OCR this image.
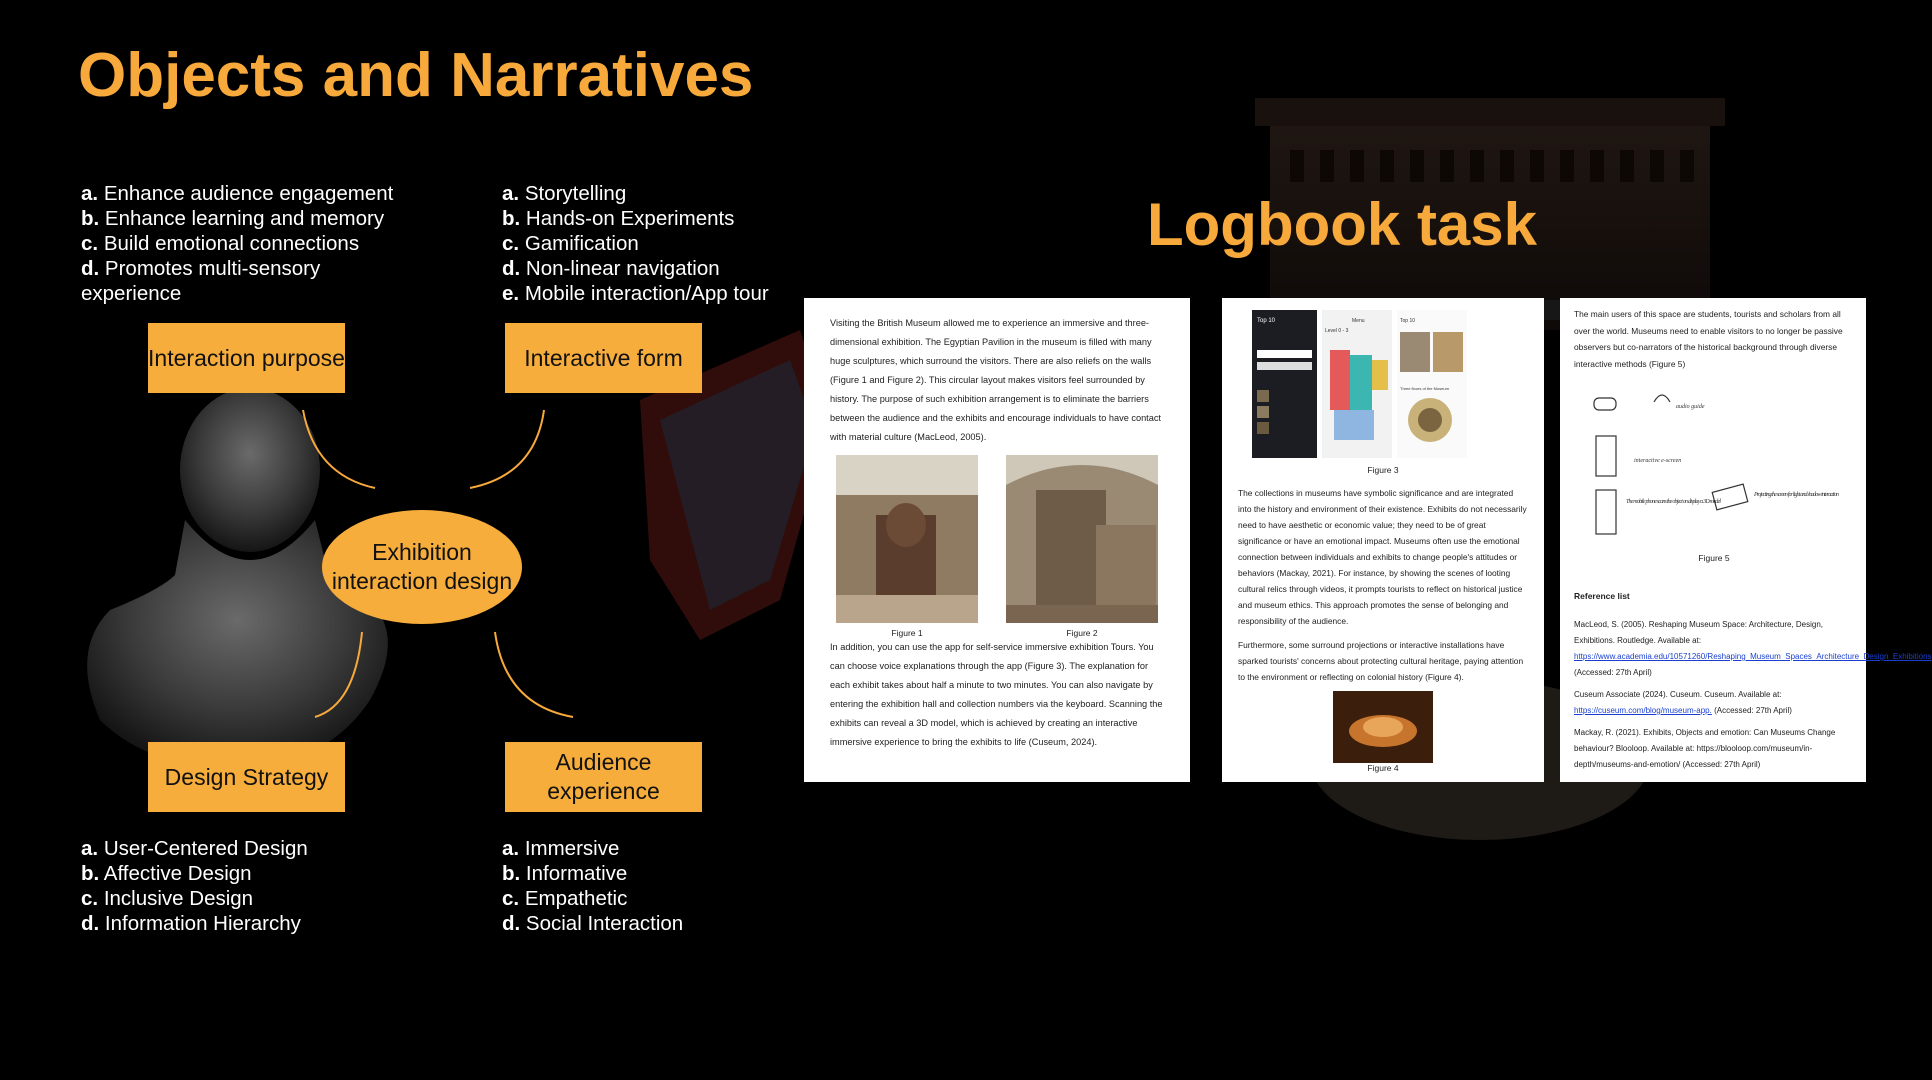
Objects and Narratives
a. Enhance audience engagement
b. Enhance learning and memory
c. Build emotional connections
d. Promotes multi-sensory experience
a. Storytelling
b. Hands-on Experiments
c. Gamification
d. Non-linear navigation
e. Mobile interaction/App tour
a. User-Centered Design
b. Affective Design
c. Inclusive Design
d. Information Hierarchy
a. Immersive
b. Informative
c. Empathetic
d. Social Interaction
Interaction purpose	Interactive form
Design Strategy
Audience experience
Exhibition interaction design
Logbook task

Visiting the British Museum allowed me to experience an immersive and three-dimensional exhibition. The Egyptian Pavilion in the museum is filled with many huge sculptures, which surround the visitors. There are also reliefs on the walls (Figure 1 and Figure 2). This circular layout makes visitors feel surrounded by history. The purpose of such exhibition arrangement is to eliminate the barriers between the audience and the exhibits and encourage individuals to have contact with material culture (MacLeod, 2005).

Figure 1	Figure 2

In addition, you can use the app for self-service immersive exhibition Tours. You can choose voice explanations through the app (Figure 3). The explanation for each exhibit takes about half a minute to two minutes. You can also navigate by entering the exhibition hall and collection numbers via the keyboard. Scanning the exhibits can reveal a 3D model, which is achieved by creating an interactive immersive experience to bring the exhibits to life (Cuseum, 2024).

Top 10	Menu
Level 0 - 3
Top 10
Three floors of the Museum
Figure 3

The collections in museums have symbolic significance and are integrated into the history and environment of their existence. Exhibits do not necessarily need to have aesthetic or economic value; they need to be of great significance or have an emotional impact. Museums often use the emotional connection between individuals and exhibits to change people's attitudes or behaviors (Mackay, 2021). For instance, by showing the scenes of looting cultural relics through videos, it prompts tourists to reflect on historical justice and museum ethics. This approach promotes the sense of belonging and responsibility of the audience.

Furthermore, some surround projections or interactive installations have sparked tourists' concerns about protecting cultural heritage, paying attention to the environment or reflecting on colonial history (Figure 4).

Figure 4

The main users of this space are students, tourists and scholars from all over the world. Museums need to enable visitors to no longer be passive observers but co-narrators of the historical background through diverse interactive methods (Figure 5)

audio guide
interactive e-screen
The mobile phone scans the object on display a 3D model
Projecting the screen for light and shadow interaction
Figure 5
Reference list

MacLeod, S. (2005). Reshaping Museum Space: Architecture, Design, Exhibitions. Routledge. Available at: https://www.academia.edu/10571260/Reshaping_Museum_Spaces_Architecture_Design_Exhibitions (Accessed: 27th April)

Cuseum Associate (2024). Cuseum. Cuseum. Available at: https://cuseum.com/blog/museum-app. (Accessed: 27th April)

Mackay, R. (2021). Exhibits, Objects and emotion: Can Museums Change behaviour? Blooloop. Available at: https://blooloop.com/museum/in-depth/museums-and-emotion/ (Accessed: 27th April)
